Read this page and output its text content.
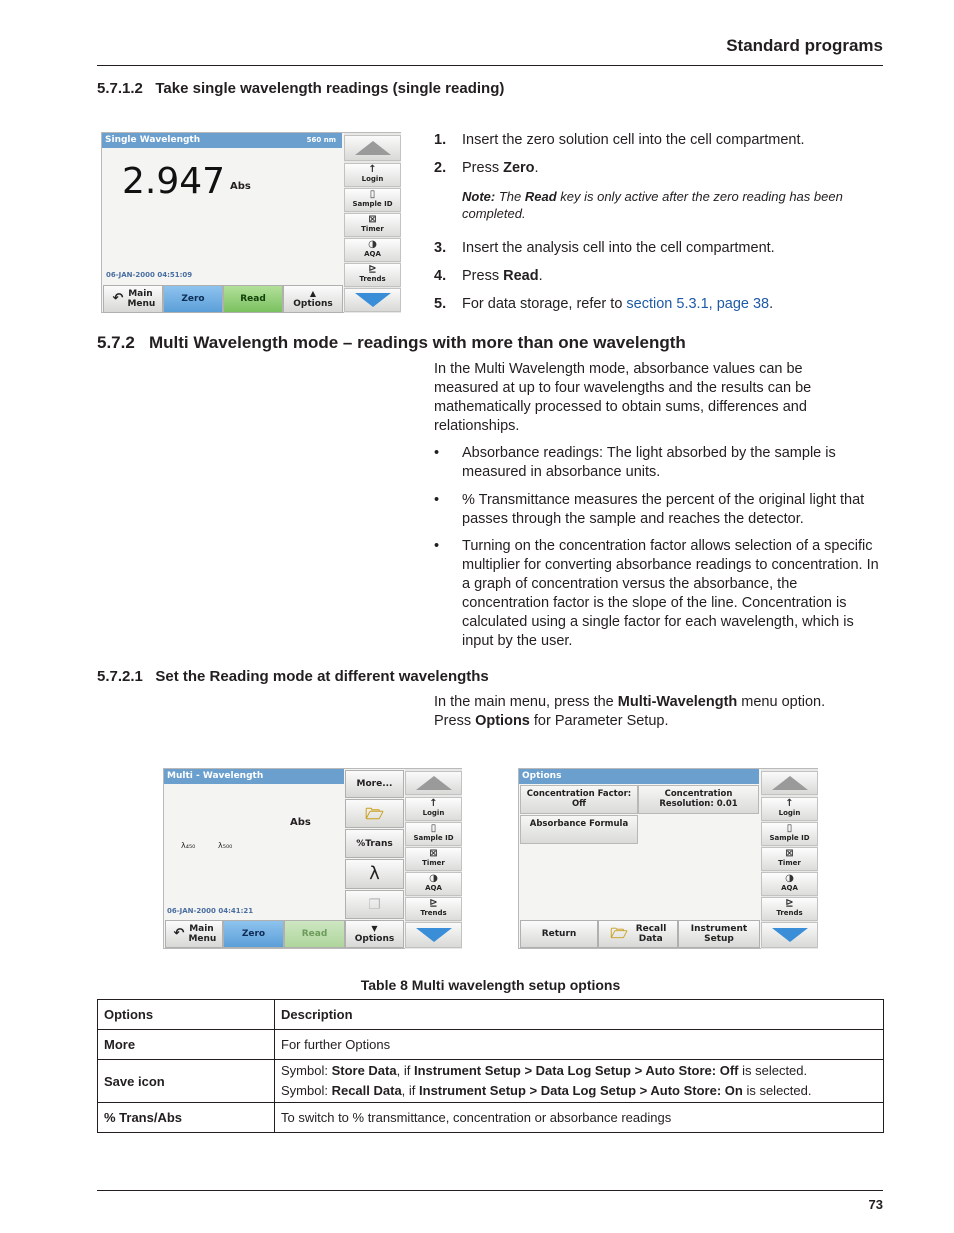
Standard programs
5.7.1.2   Take single wavelength readings (single reading)
Single Wavelength	560 nm
2.947 Abs
06-JAN-2000 04:51:09
↑
Login
▯
Sample ID
⊠
Timer
◑
AQA
⊵
Trends
↶ Main Menu	Zero	Read
▲
Options
1. Insert the zero solution cell into the cell compartment.
2. Press Zero.
Note: The Read key is only active after the zero reading has been completed.
3. Insert the analysis cell into the cell compartment.
4. Press Read.
5. For data storage, refer to section 5.3.1, page 38.
5.7.2   Multi Wavelength mode – readings with more than one wavelength
In the Multi Wavelength mode, absorbance values can be measured at up to four wavelengths and the results can be mathematically processed to obtain sums, differences and relationships.
• Absorbance readings: The light absorbed by the sample is measured in absorbance units.
• % Transmittance measures the percent of the original light that passes through the sample and reaches the detector.
• Turning on the concentration factor allows selection of a specific multiplier for converting absorbance readings to concentration. In a graph of concentration versus the absorbance, the concentration factor is the slope of the line. Concentration is calculated using a single factor for each wavelength, which is input by the user.
5.7.2.1   Set the Reading mode at different wavelengths
In the main menu, press the Multi-Wavelength menu option.
Press Options for Parameter Setup.
Multi - Wavelength
Abs
λ₄₅₀	λ₅₀₀
06-JAN-2000 04:41:21
More...
🗁
%Trans
λ
❐
↑
Login
▯
Sample ID
⊠
Timer
◑
AQA
⊵
Trends
↶ Main Menu	Zero	Read
▼
Options
Options
Concentration Factor: Off
Concentration Resolution: 0.01
Absorbance Formula
↑
Login
▯
Sample ID
⊠
Timer
◑
AQA
⊵
Trends
Return	🗁 Recall Data
Instrument Setup
Table 8 Multi wavelength setup options
Options	Description
More	For further Options
Save icon	Symbol: Store Data, if Instrument Setup > Data Log Setup > Auto Store: Off is selected.
Symbol: Recall Data, if Instrument Setup > Data Log Setup > Auto Store: On is selected.

% Trans/Abs	To switch to % transmittance, concentration or absorbance readings
73
